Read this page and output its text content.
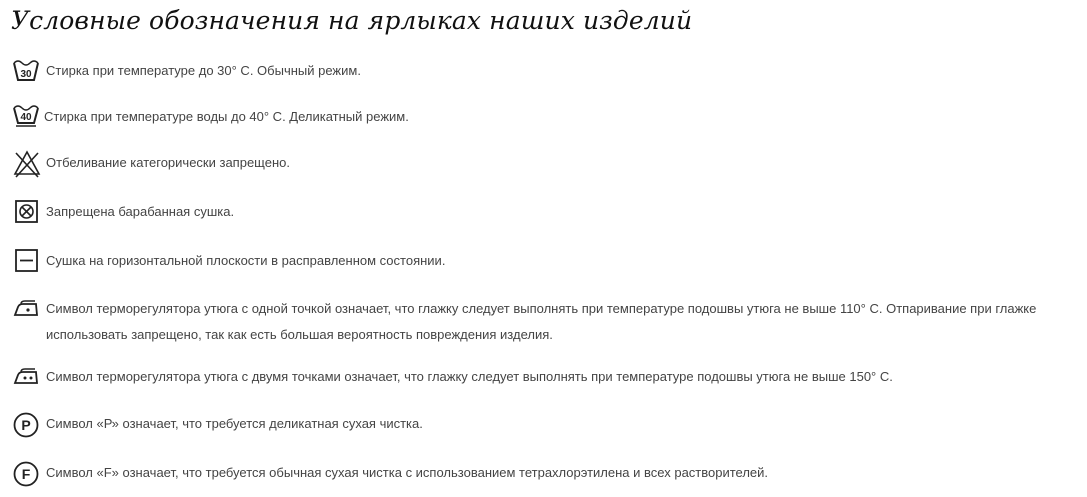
Условные обозначения на ярлыках наших изделий
30 Стирка при температуре до 30° С. Обычный режим.
40 Стирка при температуре воды до 40° С. Деликатный режим.
Отбеливание категорически запрещено.
Запрещена барабанная сушка.
Сушка на горизонтальной плоскости в расправленном состоянии.
Символ терморегулятора утюга с одной точкой означает, что глажку следует выполнять при температуре подошвы утюга не выше 110° С. Отпаривание при глажке использовать запрещено, так как есть большая вероятность повреждения изделия.
Символ терморегулятора утюга с двумя точками означает, что глажку следует выполнять при температуре подошвы утюга не выше 150° С.
P Символ «Р» означает, что требуется деликатная сухая чистка.
F Символ «F» означает, что требуется обычная сухая чистка с использованием тетрахлорэтилена и всех растворителей.
